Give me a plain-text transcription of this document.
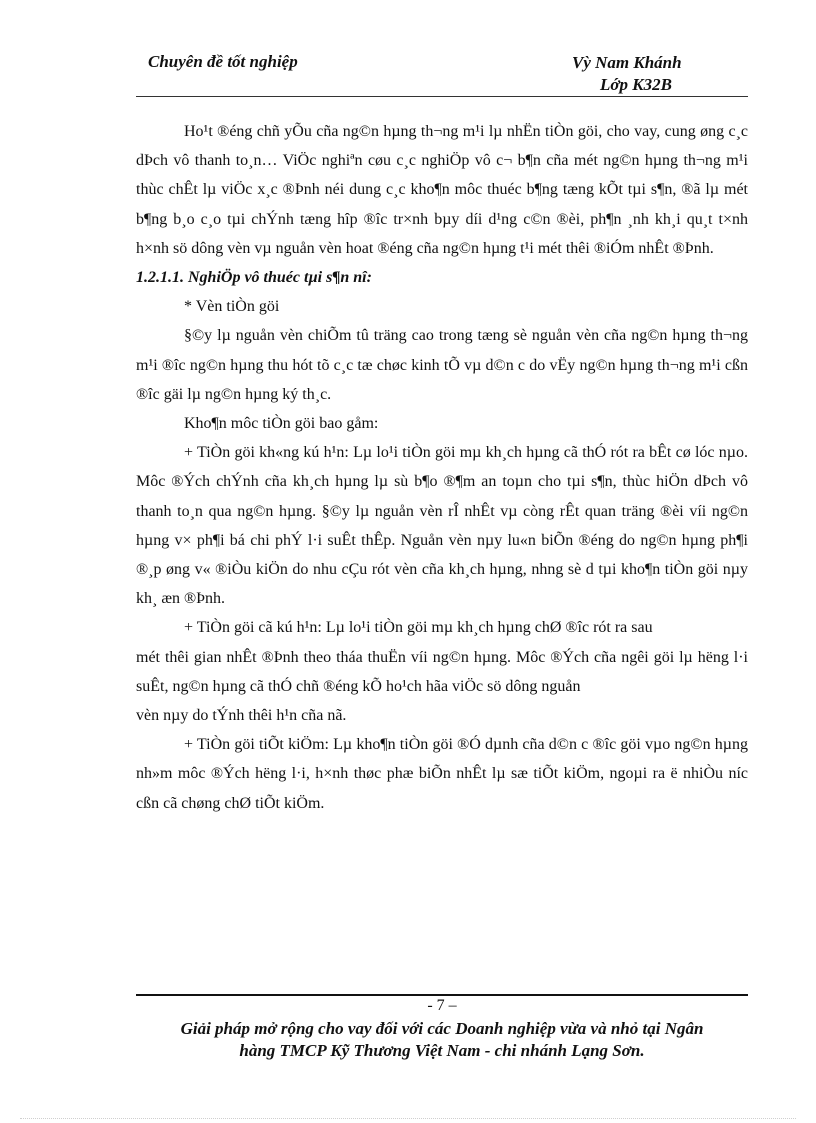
Chuyên đề tốt nghiệp	Vỳ Nam Khánh
Lớp K32B

Ho¹t ®éng chñ yÕu cña ng©n hµng th¬ng m¹i lµ nhËn tiÒn göi, cho vay, cung øng c¸c dÞch vô thanh to¸n… ViÖc nghiªn cøu c¸c nghiÖp vô c¬ b¶n cña mét ng©n hµng th¬ng m¹i thùc chÊt lµ viÖc x¸c ®Þnh néi dung c¸c kho¶n môc thuéc b¶ng tæng kÕt tµi s¶n, ®ã lµ mét b¶ng b¸o c¸o tµi chÝnh tæng hîp ®îc tr×nh bµy díi d¹ng c©n ®èi, ph¶n ¸nh kh¸i qu¸t t×nh h×nh sö dông vèn vµ nguån vèn hoat ®éng cña ng©n hµng t¹i mét thêi ®iÓm nhÊt ®Þnh.

1.2.1.1. NghiÖp vô thuéc tµi s¶n nî:

* Vèn tiÒn göi

§©y lµ nguån vèn chiÕm tû träng cao trong tæng sè nguån vèn cña ng©n hµng th¬ng m¹i ®îc ng©n hµng thu hót tõ c¸c tæ chøc kinh tÕ vµ d©n c do vËy ng©n hµng th¬ng m¹i cßn ®îc gäi lµ ng©n hµng ký th¸c.

Kho¶n môc tiÒn göi bao gåm:

+ TiÒn göi kh«ng kú h¹n: Lµ lo¹i tiÒn göi mµ kh¸ch hµng cã thÓ rót ra bÊt cø lóc nµo. Môc ®Ých chÝnh cña kh¸ch hµng lµ sù b¶o ®¶m an toµn cho tµi s¶n, thùc hiÖn dÞch vô thanh to¸n qua ng©n hµng. §©y lµ nguån vèn rÎ nhÊt vµ còng rÊt quan träng ®èi víi ng©n hµng v× ph¶i bá chi phÝ l·i suÊt thÊp. Nguån vèn nµy lu«n biÕn ®éng do ng©n hµng ph¶i ®¸p øng v« ®iÒu kiÖn do nhu cÇu rót vèn cña kh¸ch hµng, nhng sè d tµi kho¶n tiÒn göi nµy kh¸ æn ®Þnh.

+ TiÒn göi cã kú h¹n: Lµ lo¹i tiÒn göi mµ kh¸ch hµng chØ ®îc rót ra sau

mét thêi gian nhÊt ®Þnh theo tháa thuËn víi ng©n hµng. Môc ®Ých cña ngêi göi lµ hëng l·i suÊt, ng©n hµng cã thÓ chñ ®éng kÕ ho¹ch hãa viÖc sö dông nguån

vèn nµy do tÝnh thêi h¹n cña nã.

+ TiÒn göi tiÕt kiÖm: Lµ kho¶n tiÒn göi ®Ó dµnh cña d©n c ®îc göi vµo ng©n hµng nh»m môc ®Ých hëng l·i, h×nh thøc phæ biÕn nhÊt lµ sæ tiÕt kiÖm, ngoµi ra ë nhiÒu níc cßn cã chøng chØ tiÕt kiÖm.

- 7 –
Giải pháp mở rộng cho vay đối với các Doanh nghiệp vừa và nhỏ tại Ngân
hàng TMCP Kỹ Thương Việt Nam - chi nhánh Lạng Sơn.
